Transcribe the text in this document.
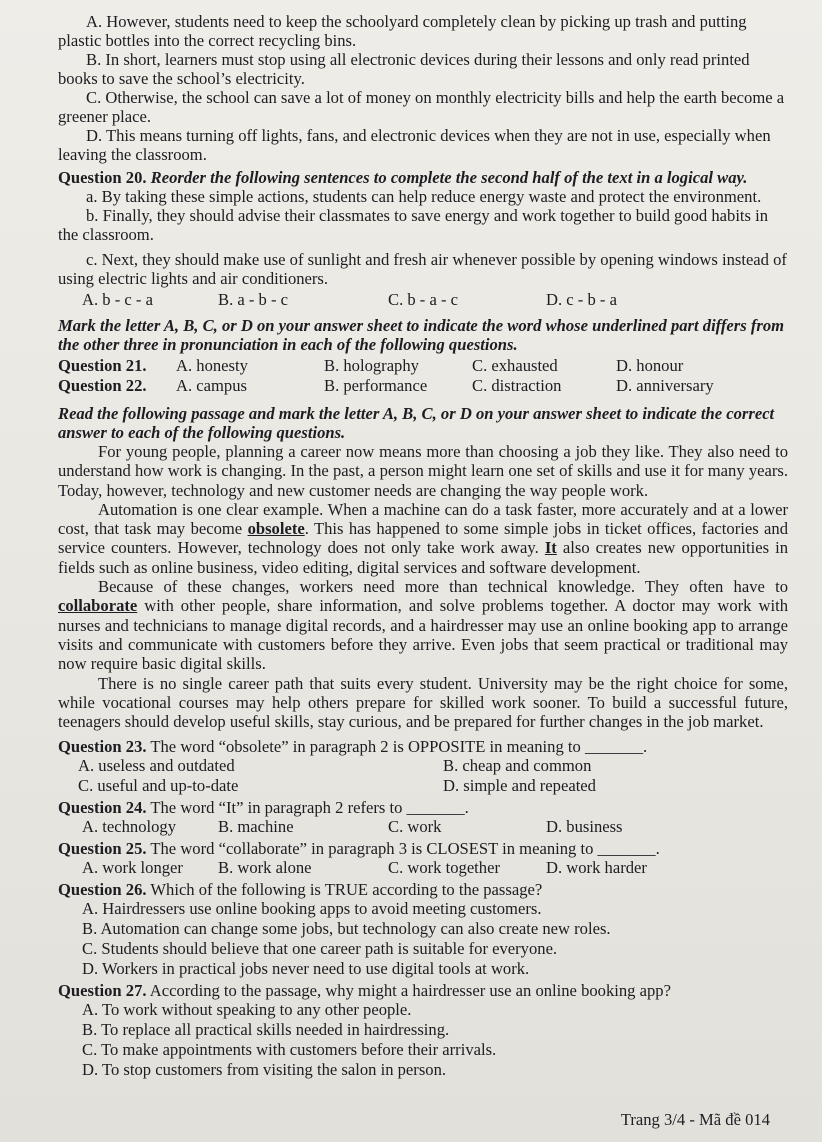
A. However, students need to keep the schoolyard completely clean by picking up trash and putting plastic bottles into the correct recycling bins.
B. In short, learners must stop using all electronic devices during their lessons and only read printed books to save the school’s electricity.
C. Otherwise, the school can save a lot of money on monthly electricity bills and help the earth become a greener place.
D. This means turning off lights, fans, and electronic devices when they are not in use, especially when leaving the classroom.
Question 20. Reorder the following sentences to complete the second half of the text in a logical way.
a. By taking these simple actions, students can help reduce energy waste and protect the environment.
b. Finally, they should advise their classmates to save energy and work together to build good habits in the classroom.
c. Next, they should make use of sunlight and fresh air whenever possible by opening windows instead of using electric lights and air conditioners.
A. b - c - a	B. a - b - c	C. b - a - c	D. c - b - a
Mark the letter A, B, C, or D on your answer sheet to indicate the word whose underlined part differs from the other three in pronunciation in each of the following questions.
Question 21.	A. honesty	B. holography	C. exhausted	D. honour
Question 22.	A. campus	B. performance	C. distraction	D. anniversary
Read the following passage and mark the letter A, B, C, or D on your answer sheet to indicate the correct answer to each of the following questions.
For young people, planning a career now means more than choosing a job they like. They also need to understand how work is changing. In the past, a person might learn one set of skills and use it for many years. Today, however, technology and new customer needs are changing the way people work.
Automation is one clear example. When a machine can do a task faster, more accurately and at a lower cost, that task may become obsolete. This has happened to some simple jobs in ticket offices, factories and service counters. However, technology does not only take work away. It also creates new opportunities in fields such as online business, video editing, digital services and software development.
Because of these changes, workers need more than technical knowledge. They often have to collaborate with other people, share information, and solve problems together. A doctor may work with nurses and technicians to manage digital records, and a hairdresser may use an online booking app to arrange visits and communicate with customers before they arrive. Even jobs that seem practical or traditional may now require basic digital skills.
There is no single career path that suits every student. University may be the right choice for some, while vocational courses may help others prepare for skilled work sooner. To build a successful future, teenagers should develop useful skills, stay curious, and be prepared for further changes in the job market.
Question 23. The word “obsolete” in paragraph 2 is OPPOSITE in meaning to _______.
A. useless and outdated	B. cheap and common
C. useful and up-to-date	D. simple and repeated
Question 24. The word “It” in paragraph 2 refers to _______.
A. technology	B. machine	C. work	D. business
Question 25. The word “collaborate” in paragraph 3 is CLOSEST in meaning to _______.
A. work longer	B. work alone	C. work together	D. work harder
Question 26. Which of the following is TRUE according to the passage?
A. Hairdressers use online booking apps to avoid meeting customers.
B. Automation can change some jobs, but technology can also create new roles.
C. Students should believe that one career path is suitable for everyone.
D. Workers in practical jobs never need to use digital tools at work.
Question 27. According to the passage, why might a hairdresser use an online booking app?
A. To work without speaking to any other people.
B. To replace all practical skills needed in hairdressing.
C. To make appointments with customers before their arrivals.
D. To stop customers from visiting the salon in person.
Trang 3/4 - Mã đề 014
